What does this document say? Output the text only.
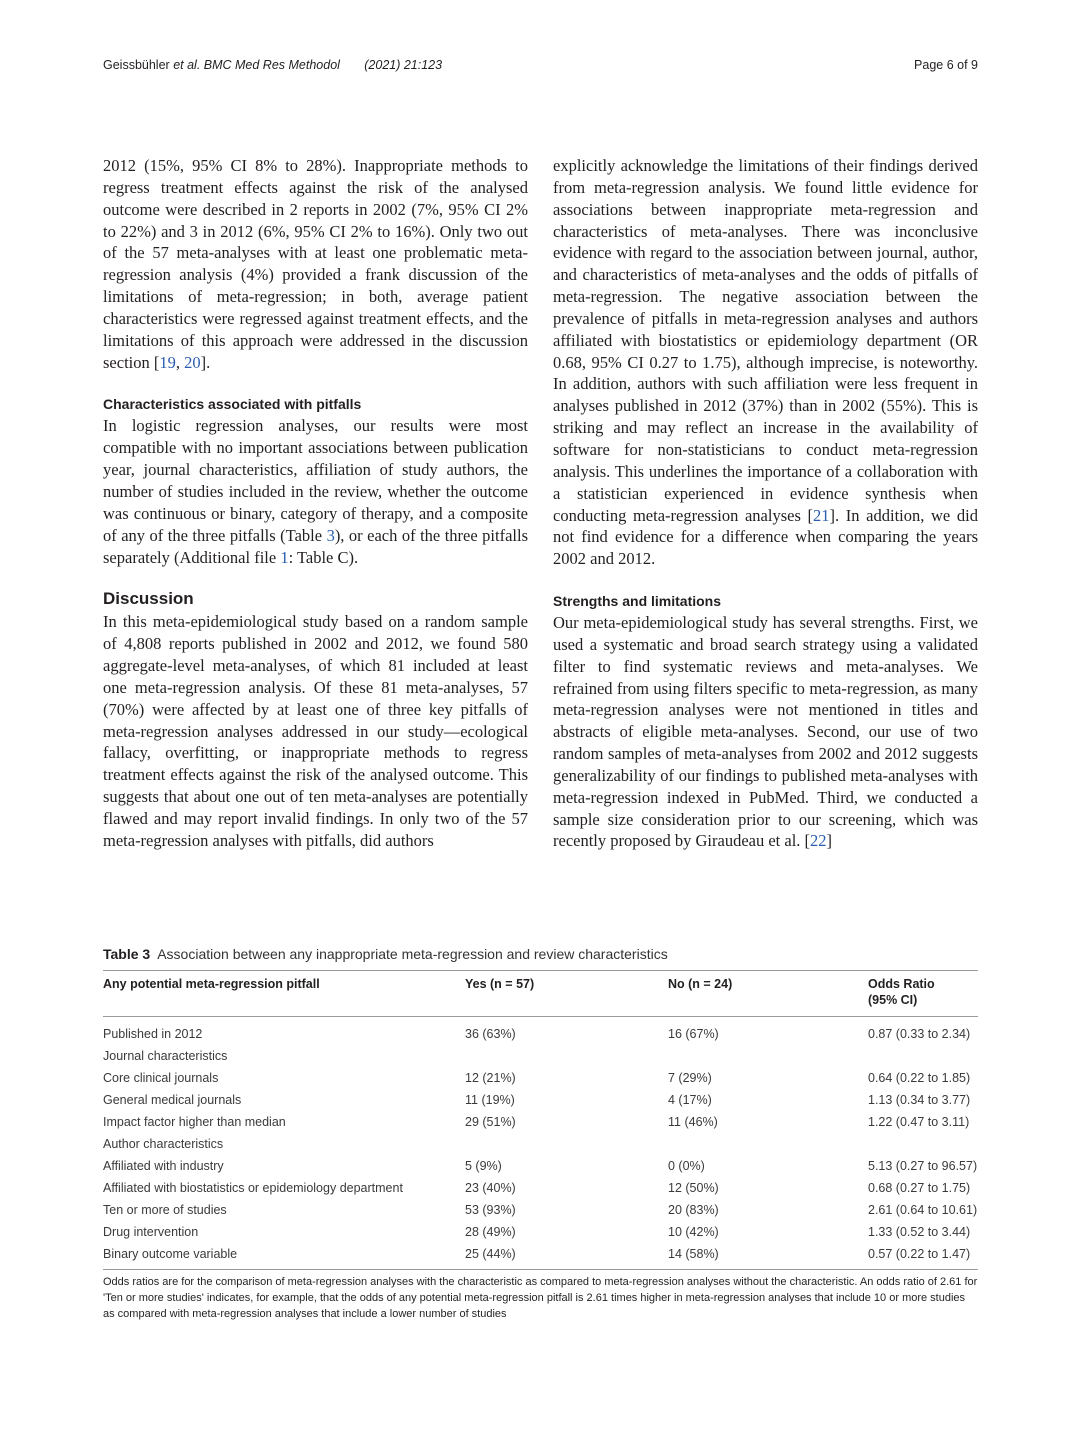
Geissbühler et al. BMC Med Res Methodol (2021) 21:123	Page 6 of 9

2012 (15%, 95% CI 8% to 28%). Inappropriate methods to regress treatment effects against the risk of the analysed outcome were described in 2 reports in 2002 (7%, 95% CI 2% to 22%) and 3 in 2012 (6%, 95% CI 2% to 16%). Only two out of the 57 meta-analyses with at least one problematic meta-regression analysis (4%) provided a frank discussion of the limitations of meta-regression; in both, average patient characteristics were regressed against treatment effects, and the limitations of this approach were addressed in the discussion section [19, 20].

Characteristics associated with pitfalls

In logistic regression analyses, our results were most compatible with no important associations between publication year, journal characteristics, affiliation of study authors, the number of studies included in the review, whether the outcome was continuous or binary, category of therapy, and a composite of any of the three pitfalls (Table 3), or each of the three pitfalls separately (Additional file 1: Table C).

Discussion

In this meta-epidemiological study based on a random sample of 4,808 reports published in 2002 and 2012, we found 580 aggregate-level meta-analyses, of which 81 included at least one meta-regression analysis. Of these 81 meta-analyses, 57 (70%) were affected by at least one of three key pitfalls of meta-regression analyses addressed in our study—ecological fallacy, overfitting, or inappropriate methods to regress treatment effects against the risk of the analysed outcome. This suggests that about one out of ten meta-analyses are potentially flawed and may report invalid findings. In only two of the 57 meta-regression analyses with pitfalls, did authors

explicitly acknowledge the limitations of their findings derived from meta-regression analysis. We found little evidence for associations between inappropriate meta-regression and characteristics of meta-analyses. There was inconclusive evidence with regard to the association between journal, author, and characteristics of meta-analyses and the odds of pitfalls of meta-regression. The negative association between the prevalence of pitfalls in meta-regression analyses and authors affiliated with biostatistics or epidemiology department (OR 0.68, 95% CI 0.27 to 1.75), although imprecise, is noteworthy. In addition, authors with such affiliation were less frequent in analyses published in 2012 (37%) than in 2002 (55%). This is striking and may reflect an increase in the availability of software for non-statisticians to conduct meta-regression analysis. This underlines the importance of a collaboration with a statistician experienced in evidence synthesis when conducting meta-regression analyses [21]. In addition, we did not find evidence for a difference when comparing the years 2002 and 2012.

Strengths and limitations

Our meta-epidemiological study has several strengths. First, we used a systematic and broad search strategy using a validated filter to find systematic reviews and meta-analyses. We refrained from using filters specific to meta-regression, as many meta-regression analyses were not mentioned in titles and abstracts of eligible meta-analyses. Second, our use of two random samples of meta-analyses from 2002 and 2012 suggests generalizability of our findings to published meta-analyses with meta-regression indexed in PubMed. Third, we conducted a sample size consideration prior to our screening, which was recently proposed by Giraudeau et al. [22]

Table 3 Association between any inappropriate meta-regression and review characteristics
Any potential meta-regression pitfall	Yes (n = 57)	No (n = 24)	Odds Ratio
(95% CI)
Published in 2012	36 (63%)	16 (67%)	0.87 (0.33 to 2.34)
Journal characteristics			
Core clinical journals	12 (21%)	7 (29%)	0.64 (0.22 to 1.85)
General medical journals	11 (19%)	4 (17%)	1.13 (0.34 to 3.77)
Impact factor higher than median	29 (51%)	11 (46%)	1.22 (0.47 to 3.11)
Author characteristics			
Affiliated with industry	5 (9%)	0 (0%)	5.13 (0.27 to 96.57)
Affiliated with biostatistics or epidemiology department	23 (40%)	12 (50%)	0.68 (0.27 to 1.75)
Ten or more of studies	53 (93%)	20 (83%)	2.61 (0.64 to 10.61)
Drug intervention	28 (49%)	10 (42%)	1.33 (0.52 to 3.44)
Binary outcome variable	25 (44%)	14 (58%)	0.57 (0.22 to 1.47)
Odds ratios are for the comparison of meta-regression analyses with the characteristic as compared to meta-regression analyses without the characteristic. An odds ratio of 2.61 for 'Ten or more studies' indicates, for example, that the odds of any potential meta-regression pitfall is 2.61 times higher in meta-regression analyses that include 10 or more studies as compared with meta-regression analyses that include a lower number of studies
